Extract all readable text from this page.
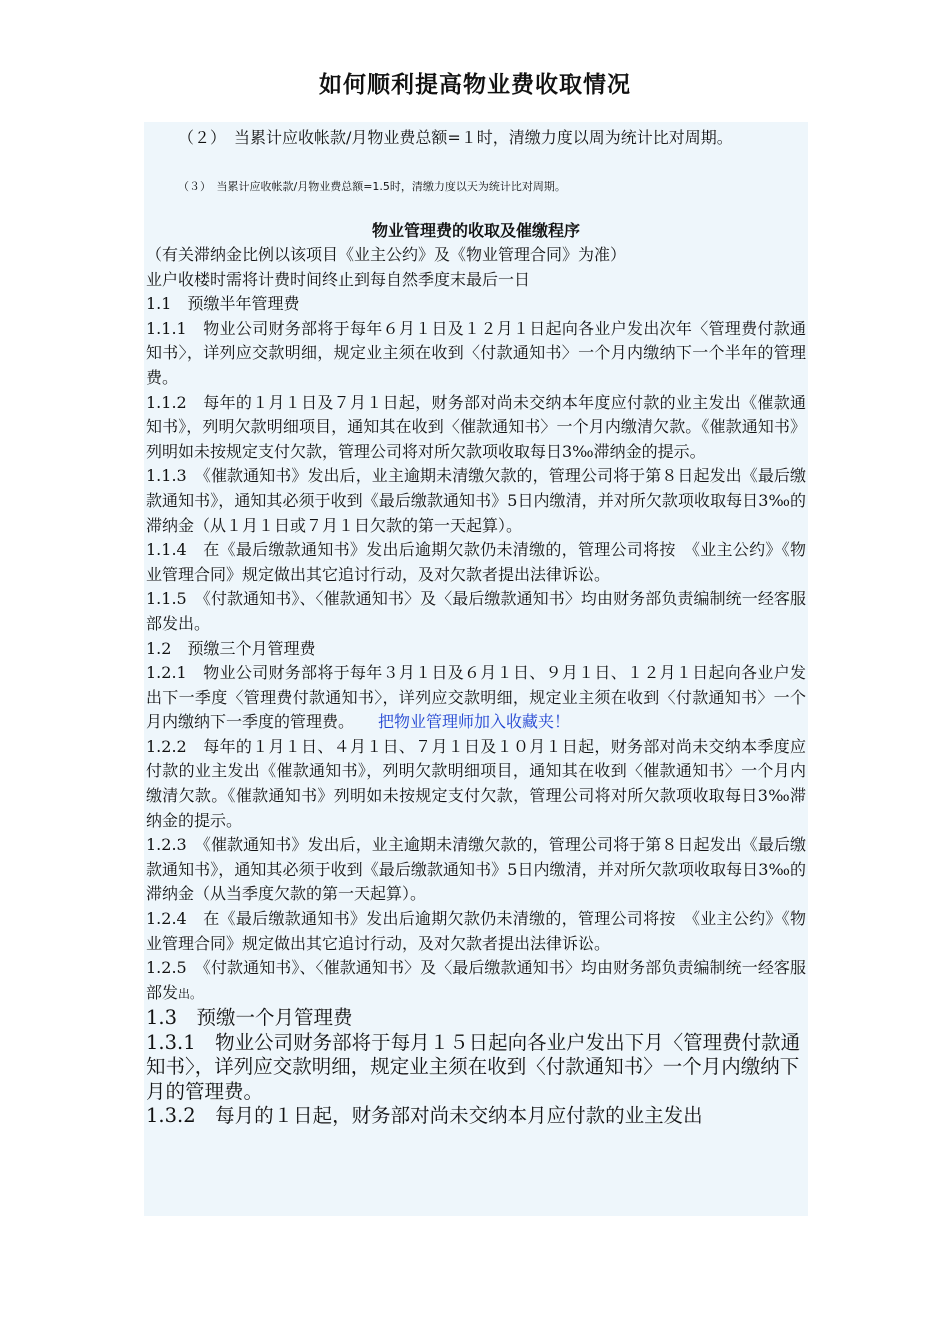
如何顺利提高物业费收取情况

（２）　当累计应收帐款/月物业费总额=１时，清缴力度以周为统计比对周期。

（３）　当累计应收帐款/月物业费总额=1.5时，清缴力度以天为统计比对周期。

物业管理费的收取及催缴程序

（有关滞纳金比例以该项目《业主公约》及《物业管理合同》为准）

业户收楼时需将计费时间终止到每自然季度末最后一日

1.1　预缴半年管理费

1.1.1　物业公司财务部将于每年６月１日及１２月１日起向各业户发出次年〈管理费付款通知书〉，详列应交款明细，规定业主须在收到〈付款通知书〉一个月内缴纳下一个半年的管理费。

1.1.2　每年的１月１日及７月１日起，财务部对尚未交纳本年度应付款的业主发出《催款通知书》，列明欠款明细项目，通知其在收到〈催款通知书〉一个月内缴清欠款。《催款通知书》列明如未按规定支付欠款，管理公司将对所欠款项收取每日3‰滞纳金的提示。

1.1.3　《催款通知书》发出后，业主逾期未清缴欠款的，管理公司将于第８日起发出《最后缴款通知书》，通知其必须于收到《最后缴款通知书》5日内缴清，并对所欠款项收取每日3‰的滞纳金（从１月１日或７月１日欠款的第一天起算）。

1.1.4　在《最后缴款通知书》发出后逾期欠款仍未清缴的，管理公司将按　《业主公约》《物业管理合同》规定做出其它追讨行动，及对欠款者提出法律诉讼。

1.1.5　《付款通知书》、〈催款通知书〉及〈最后缴款通知书〉均由财务部负责编制统一经客服部发出。

1.2　预缴三个月管理费

1.2.1　物业公司财务部将于每年３月１日及６月１日、９月１日、１２月１日起向各业户发出下一季度〈管理费付款通知书〉，详列应交款明细，规定业主须在收到〈付款通知书〉一个月内缴纳下一季度的管理费。　　把物业管理师加入收藏夹！

1.2.2　每年的１月１日、４月１日、７月１日及１０月１日起，财务部对尚未交纳本季度应付款的业主发出《催款通知书》，列明欠款明细项目，通知其在收到〈催款通知书〉一个月内缴清欠款。《催款通知书》列明如未按规定支付欠款，管理公司将对所欠款项收取每日3‰滞纳金的提示。

1.2.3　《催款通知书》发出后，业主逾期未清缴欠款的，管理公司将于第８日起发出《最后缴款通知书》，通知其必须于收到《最后缴款通知书》5日内缴清，并对所欠款项收取每日3‰的滞纳金（从当季度欠款的第一天起算）。

1.2.4　在《最后缴款通知书》发出后逾期欠款仍未清缴的，管理公司将按　《业主公约》《物业管理合同》规定做出其它追讨行动，及对欠款者提出法律诉讼。

1.2.5　《付款通知书》、〈催款通知书〉及〈最后缴款通知书〉均由财务部负责编制统一经客服部发出。

1.3　预缴一个月管理费

1.3.1　物业公司财务部将于每月１５日起向各业户发出下月〈管理费付款通知书〉，详列应交款明细，规定业主须在收到〈付款通知书〉一个月内缴纳下月的管理费。

1.3.2　每月的１日起，财务部对尚未交纳本月应付款的业主发出
